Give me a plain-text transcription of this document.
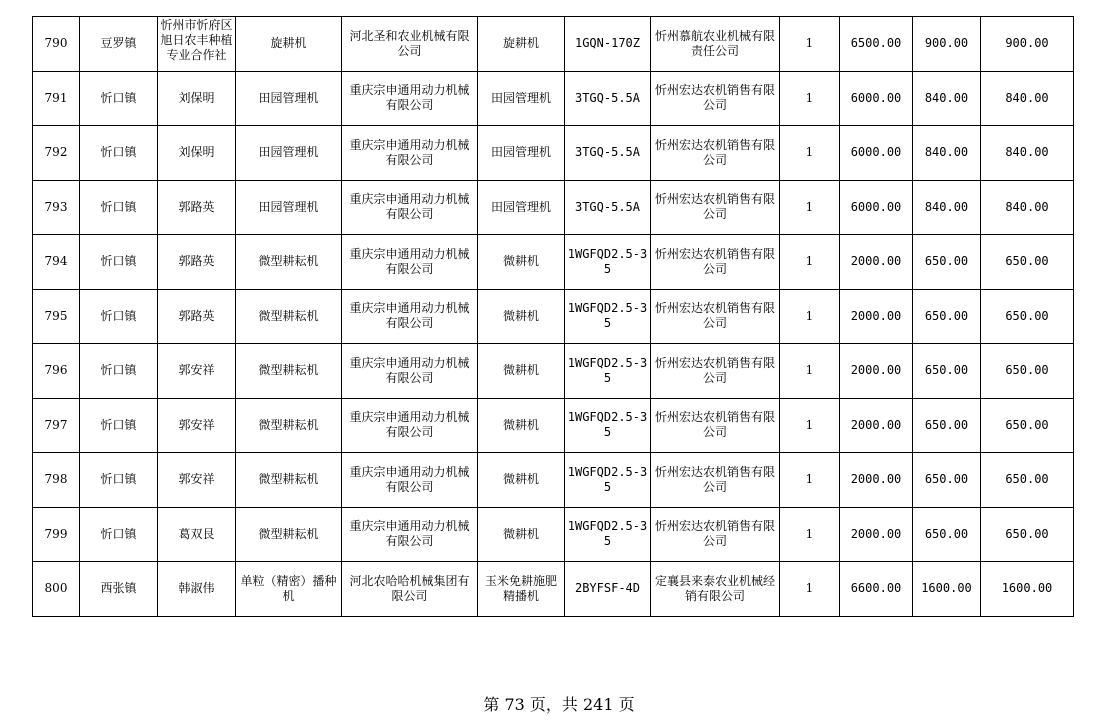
790	豆罗镇	忻州市忻府区旭日农丰种植专业合作社	旋耕机	河北圣和农业机械有限公司	旋耕机	1GQN-170Z	忻州慕航农业机械有限责任公司	1	6500.00	900.00	900.00
791	忻口镇	刘保明	田园管理机	重庆宗申通用动力机械有限公司	田园管理机	3TGQ-5.5A	忻州宏达农机销售有限公司	1	6000.00	840.00	840.00
792	忻口镇	刘保明	田园管理机	重庆宗申通用动力机械有限公司	田园管理机	3TGQ-5.5A	忻州宏达农机销售有限公司	1	6000.00	840.00	840.00
793	忻口镇	郭路英	田园管理机	重庆宗申通用动力机械有限公司	田园管理机	3TGQ-5.5A	忻州宏达农机销售有限公司	1	6000.00	840.00	840.00
794	忻口镇	郭路英	微型耕耘机	重庆宗申通用动力机械有限公司	微耕机	1WGFQD2.5-35	忻州宏达农机销售有限公司	1	2000.00	650.00	650.00
795	忻口镇	郭路英	微型耕耘机	重庆宗申通用动力机械有限公司	微耕机	1WGFQD2.5-35	忻州宏达农机销售有限公司	1	2000.00	650.00	650.00
796	忻口镇	郭安祥	微型耕耘机	重庆宗申通用动力机械有限公司	微耕机	1WGFQD2.5-35	忻州宏达农机销售有限公司	1	2000.00	650.00	650.00
797	忻口镇	郭安祥	微型耕耘机	重庆宗申通用动力机械有限公司	微耕机	1WGFQD2.5-35	忻州宏达农机销售有限公司	1	2000.00	650.00	650.00
798	忻口镇	郭安祥	微型耕耘机	重庆宗申通用动力机械有限公司	微耕机	1WGFQD2.5-35	忻州宏达农机销售有限公司	1	2000.00	650.00	650.00
799	忻口镇	葛双艮	微型耕耘机	重庆宗申通用动力机械有限公司	微耕机	1WGFQD2.5-35	忻州宏达农机销售有限公司	1	2000.00	650.00	650.00
800	西张镇	韩淑伟	单粒（精密）播种机	河北农哈哈机械集团有限公司	玉米免耕施肥精播机	2BYFSF-4D	定襄县来泰农业机械经销有限公司	1	6600.00	1600.00	1600.00
第 73 页，共 241 页
